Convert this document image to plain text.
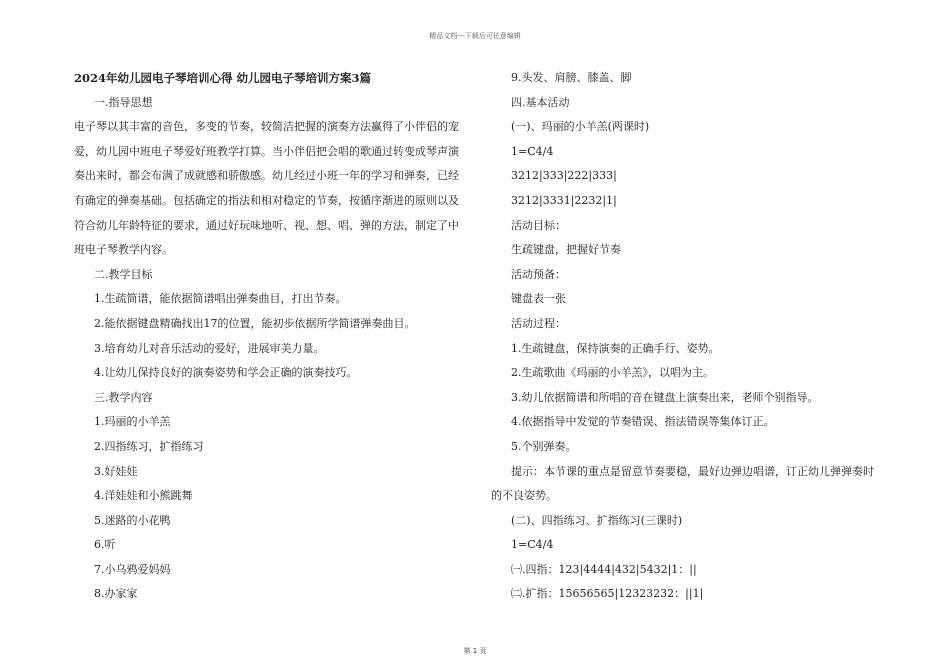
精品文档---下载后可任意编辑

2024年幼儿园电子琴培训心得 幼儿园电子琴培训方案3篇

一.指导思想

电子琴以其丰富的音色，多变的节奏，较简洁把握的演奏方法赢得了小伴侣的宠爱，幼儿园中班电子琴爱好班教学打算。当小伴侣把会唱的歌通过转变成琴声演奏出来时，都会布满了成就感和骄傲感。幼儿经过小班一年的学习和弹奏，已经有确定的弹奏基础。包括确定的指法和相对稳定的节奏，按循序渐进的原则以及符合幼儿年龄特征的要求，通过好玩味地听、视、想、唱、弹的方法，制定了中班电子琴教学内容。

二.教学目标

1.生疏简谱，能依据简谱唱出弹奏曲目，打出节奏。

2.能依据键盘精确找出17的位置，能初步依据所学简谱弹奏曲目。

3.培育幼儿对音乐活动的爱好，进展审美力量。

4.让幼儿保持良好的演奏姿势和学会正确的演奏技巧。

三.教学内容

1.玛丽的小羊羔

2.四指练习，扩指练习

3.好娃娃

4.洋娃娃和小熊跳舞

5.迷路的小花鸭

6.听

7.小乌鸦爱妈妈

8.办家家

9.头发、肩膀、膝盖、脚

四.基本活动

(一)、玛丽的小羊羔(两课时)

1=C4/4

3212|333|222|333|

3212|3331|2232|1|

活动目标：

生疏键盘，把握好节奏

活动预备：

键盘表一张

活动过程：

1.生疏键盘，保持演奏的正确手行、姿势。

2.生疏歌曲《玛丽的小羊羔》，以唱为主。

3.幼儿依据简谱和所唱的音在键盘上演奏出来，老师个别指导。

4.依据指导中发觉的节奏错误、指法错误等集体订正。

5.个别弹奏。

提示：本节课的重点是留意节奏要稳，最好边弹边唱谱，订正幼儿弹弹奏时的不良姿势。

(二)、四指练习、扩指练习(三课时)

1=C4/4

㈠.四指：123|4444|432|5432|1：||

㈡.扩指：15656565|12323232：||1|

第 1 页
